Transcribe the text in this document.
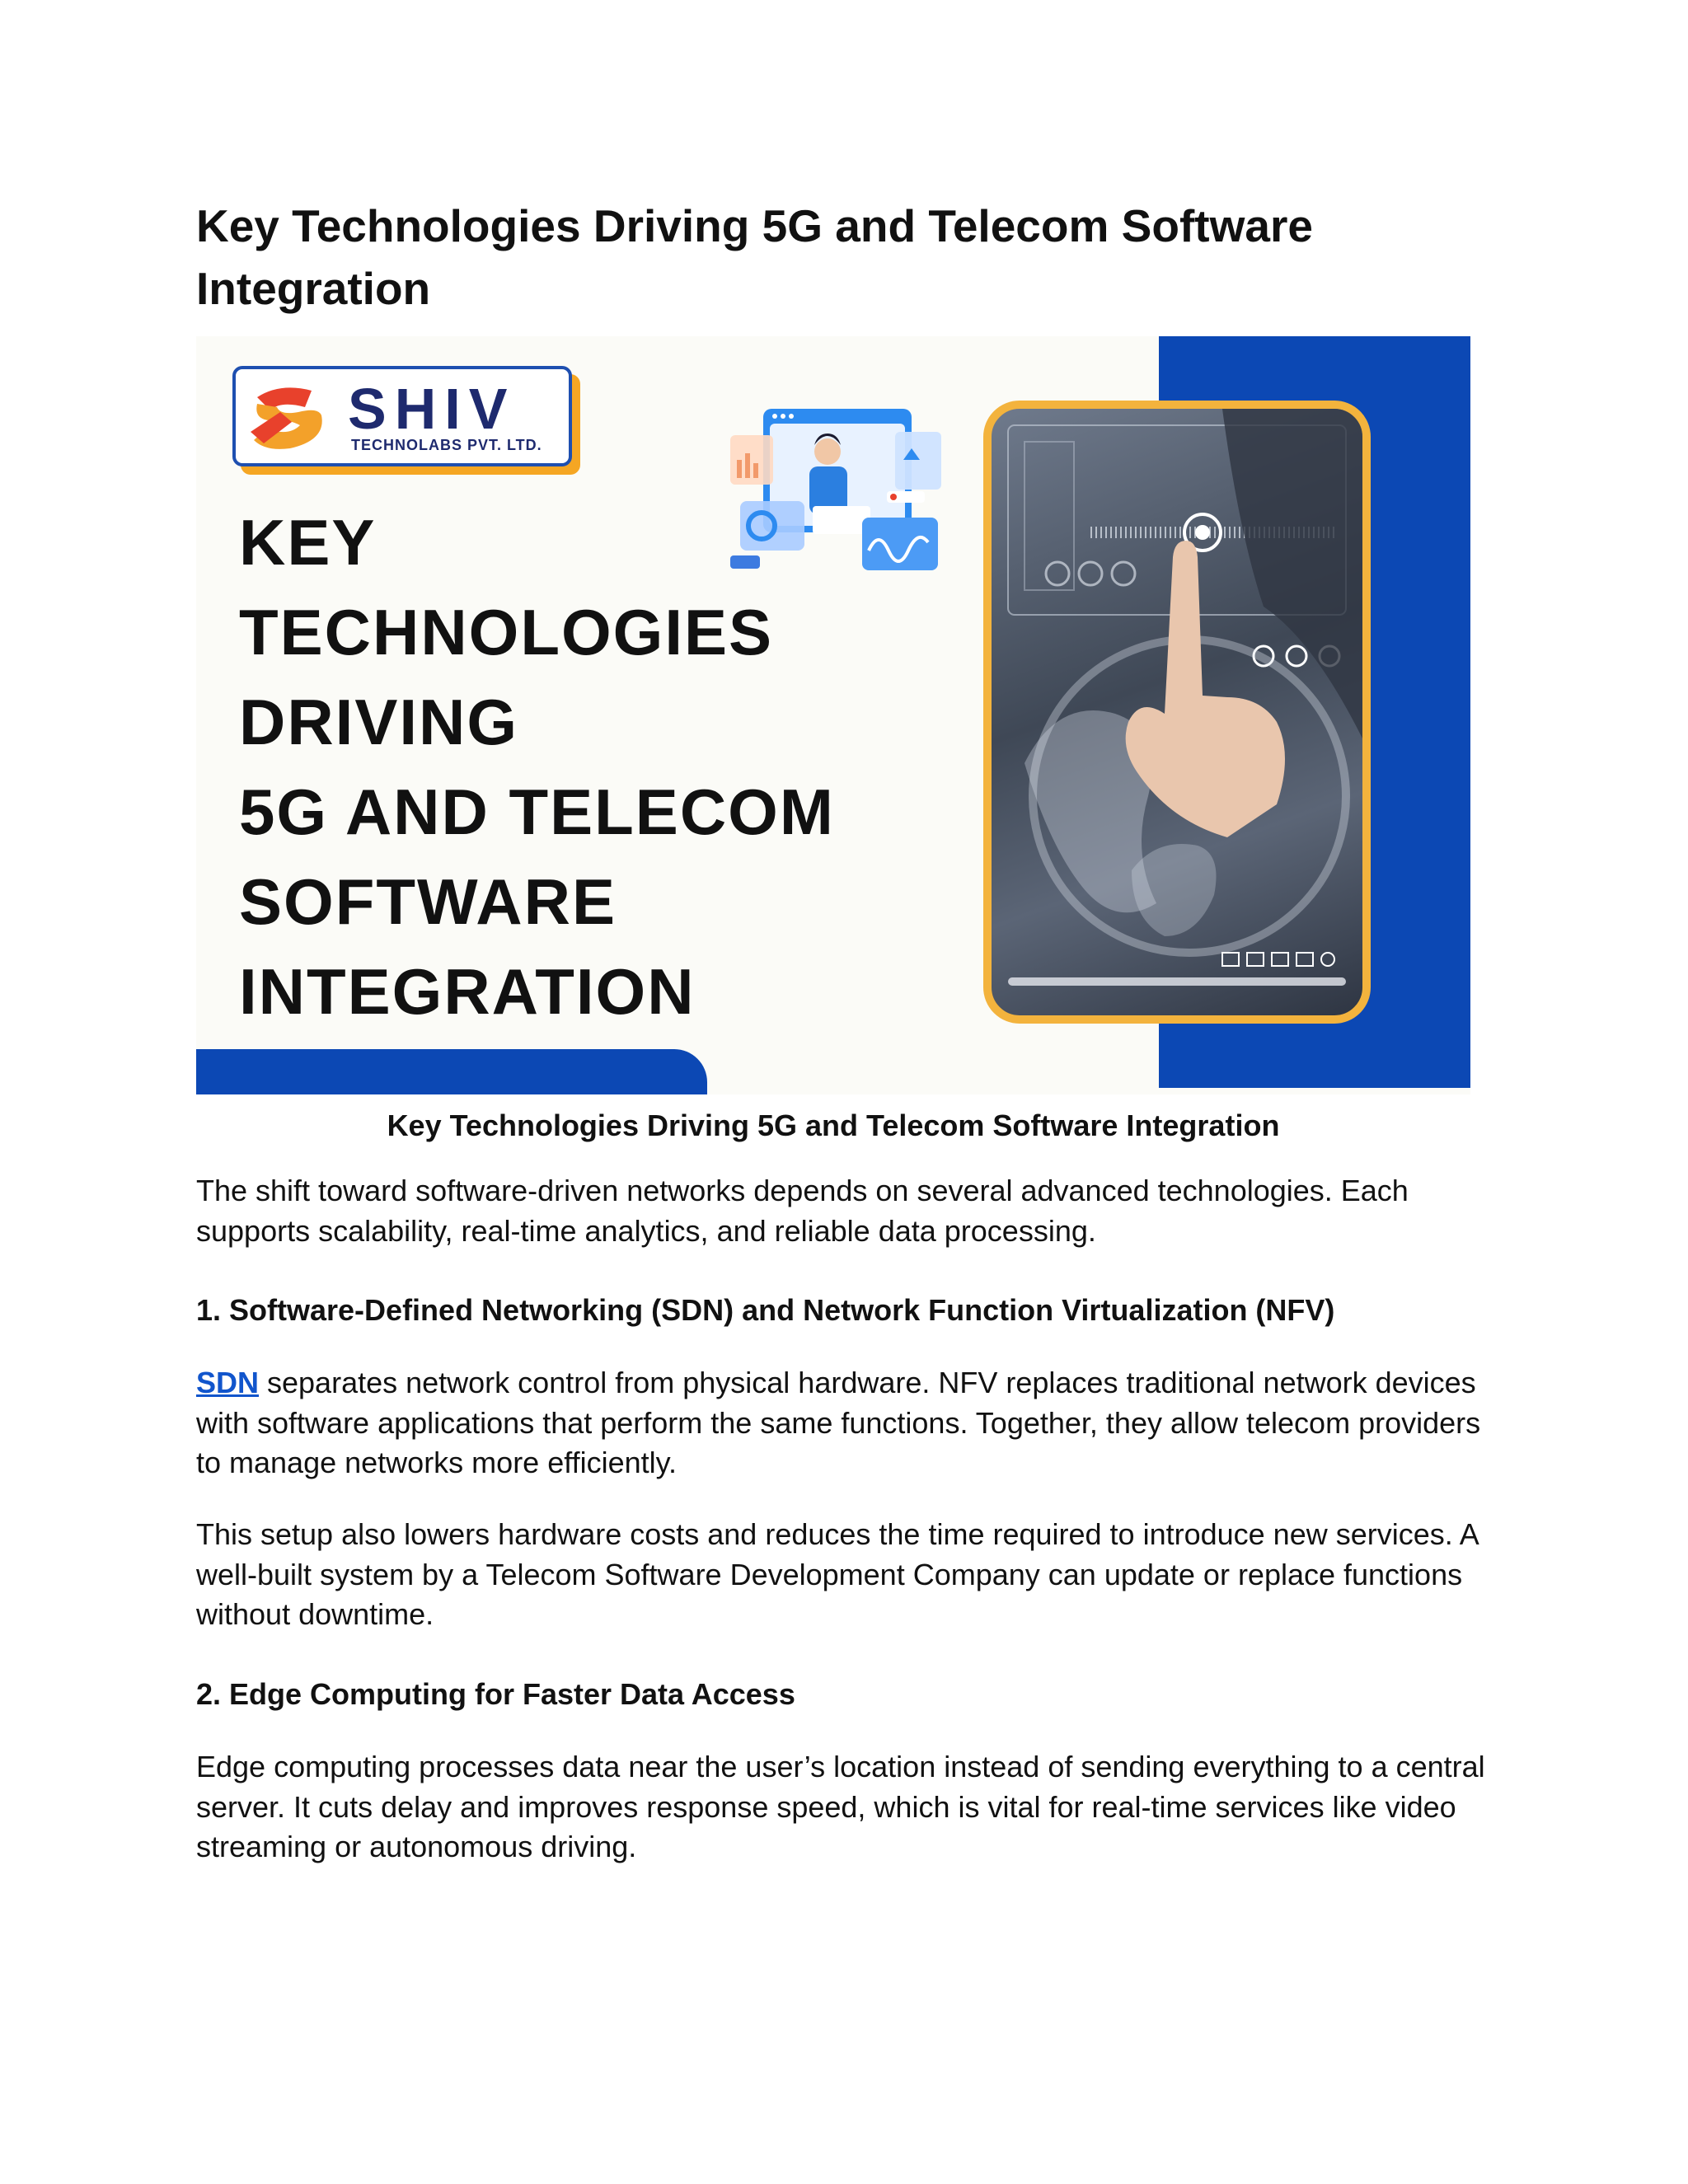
Key Technologies Driving 5G and Telecom Software Integration
SHIV
TECHNOLABS PVT. LTD.
KEY
TECHNOLOGIES
DRIVING
5G AND TELECOM
SOFTWARE
INTEGRATION
Key Technologies Driving 5G and Telecom Software Integration

The shift toward software-driven networks depends on several advanced technologies. Each supports scalability, real-time analytics, and reliable data processing.

1. Software-Defined Networking (SDN) and Network Function Virtualization (NFV)

SDN separates network control from physical hardware. NFV replaces traditional network devices with software applications that perform the same functions. Together, they allow telecom providers to manage networks more efficiently.

This setup also lowers hardware costs and reduces the time required to introduce new services. A well-built system by a Telecom Software Development Company can update or replace functions without downtime.

2. Edge Computing for Faster Data Access

Edge computing processes data near the user’s location instead of sending everything to a central server. It cuts delay and improves response speed, which is vital for real-time services like video streaming or autonomous driving.
